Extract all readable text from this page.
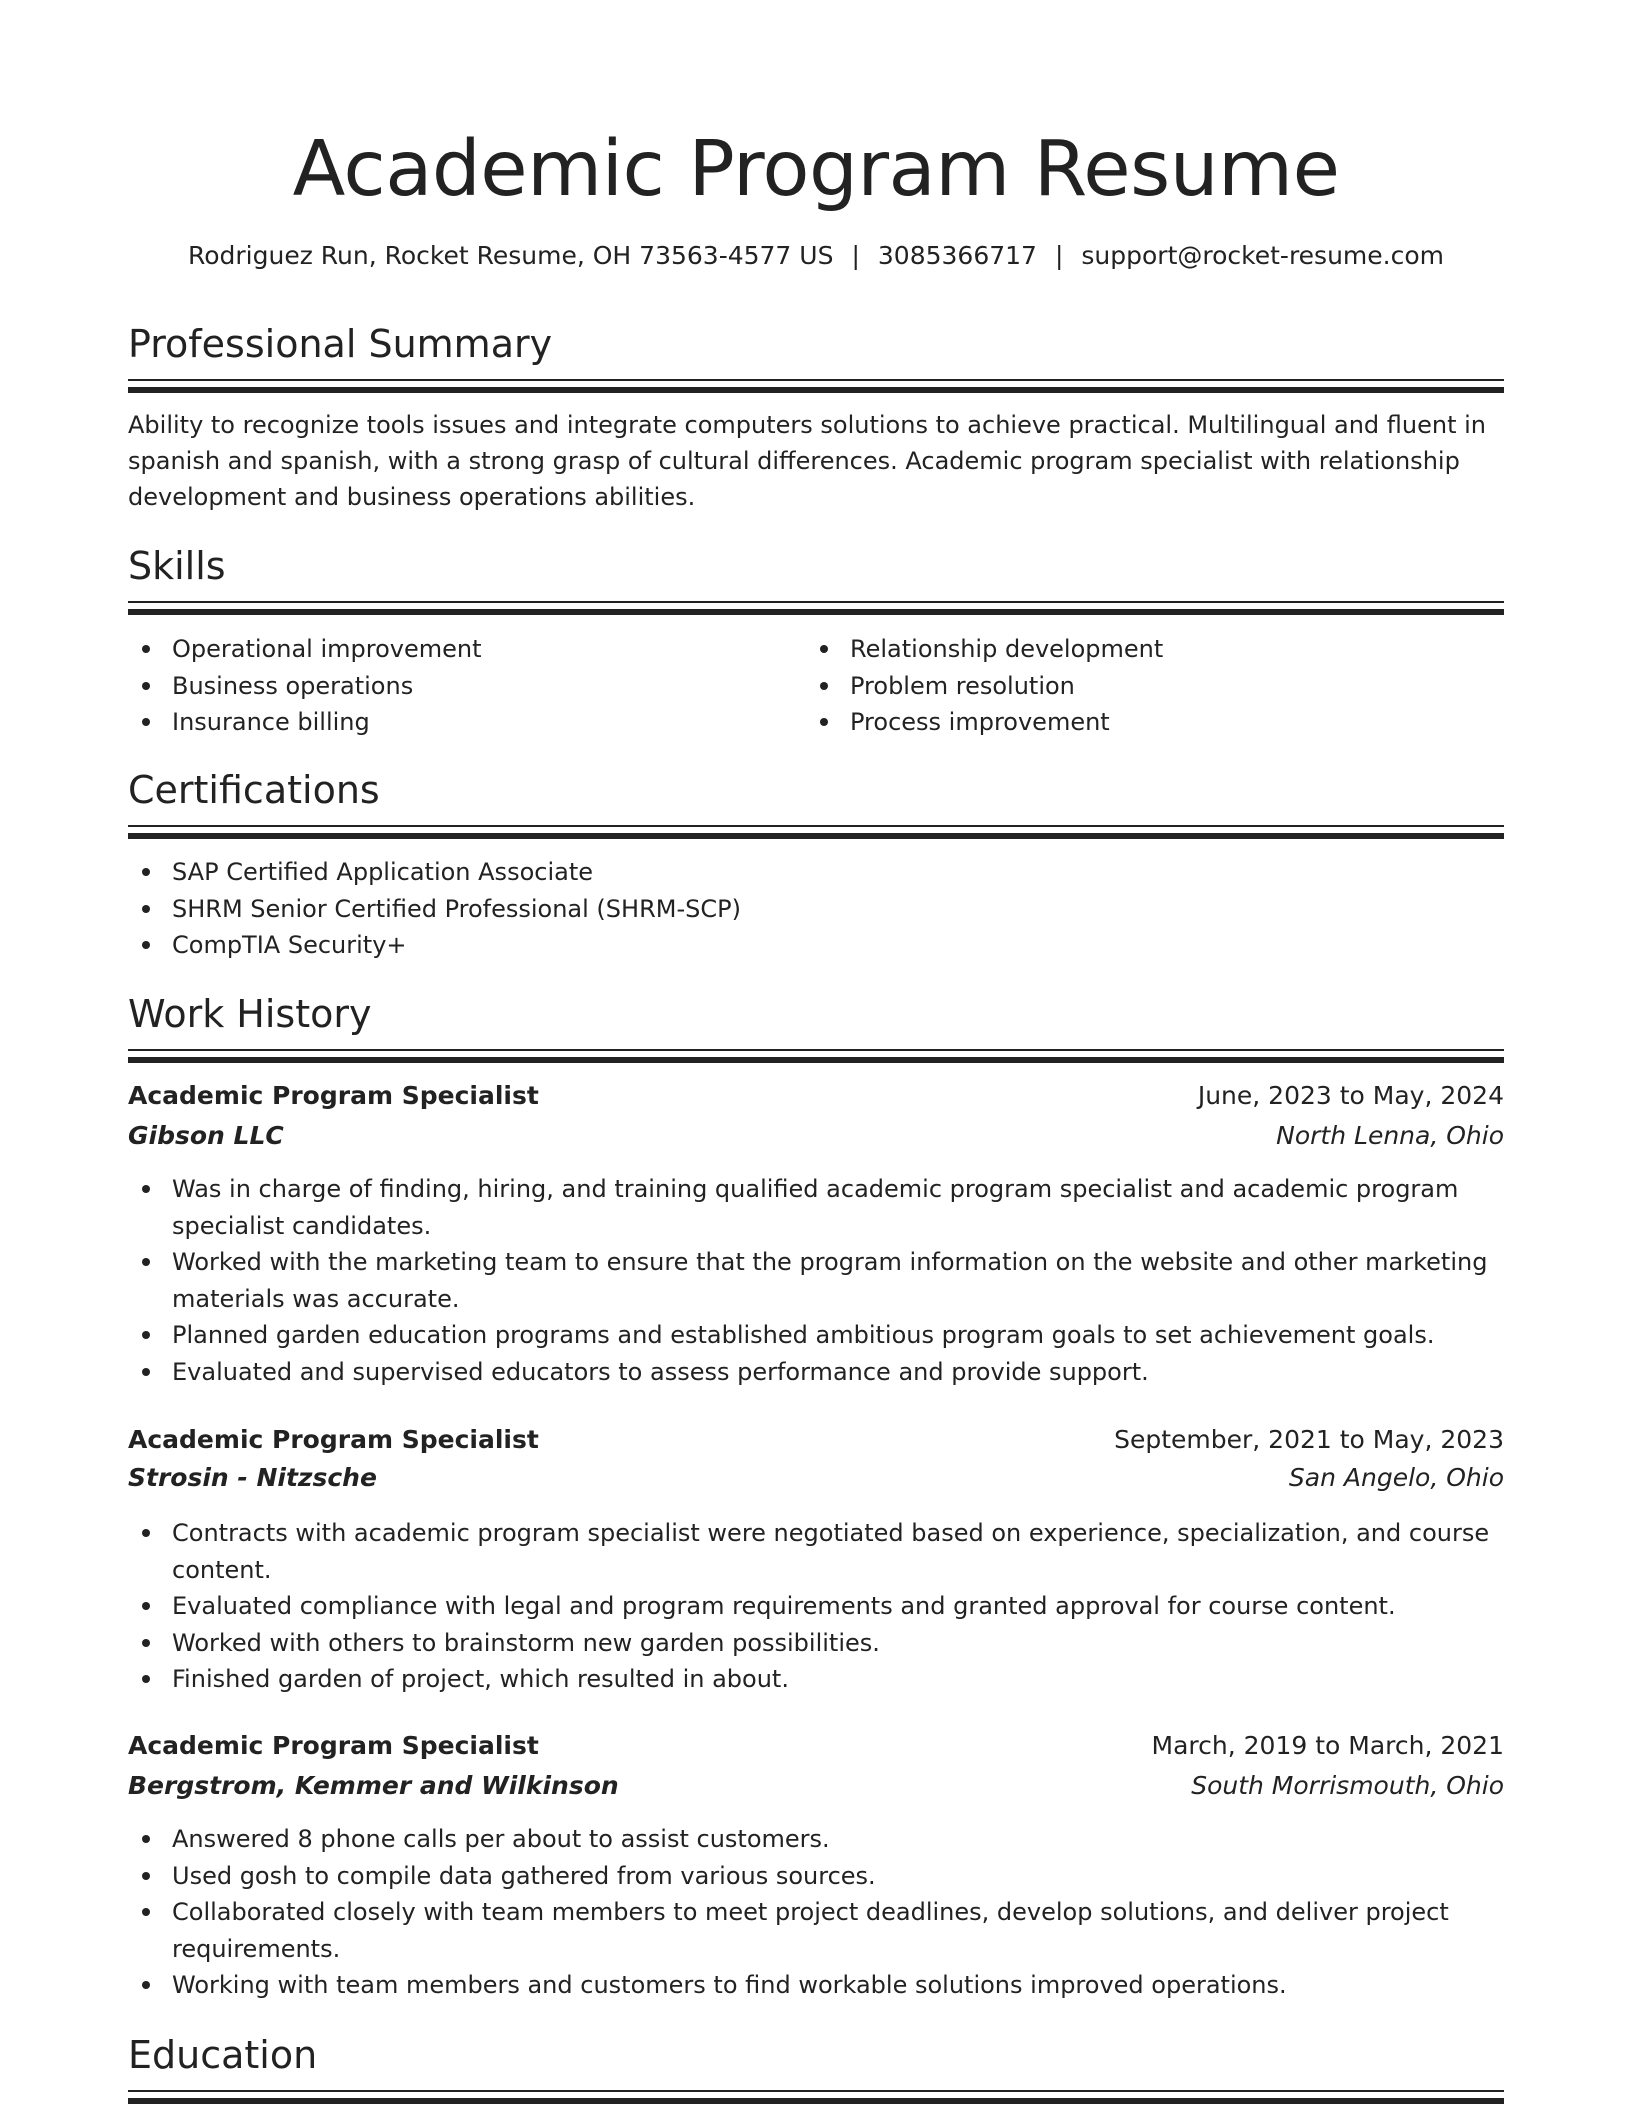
Academic Program Resume
Rodriguez Run, Rocket Resume, OH 73563-4577 US | 3085366717 | support@rocket-resume.com
Professional Summary

Ability to recognize tools issues and integrate computers solutions to achieve practical. Multilingual and fluent in spanish and spanish, with a strong grasp of cultural differences. Academic program specialist with relationship development and business operations abilities.

Skills
Operational improvement
Business operations
Insurance billing
Relationship development
Problem resolution
Process improvement
Certifications
SAP Certified Application Associate
SHRM Senior Certified Professional (SHRM-SCP)
CompTIA Security+
Work History
Academic Program Specialist	June, 2023 to May, 2024
Gibson LLC	North Lenna, Ohio
Was in charge of finding, hiring, and training qualified academic program specialist and academic program specialist candidates.
Worked with the marketing team to ensure that the program information on the website and other marketing materials was accurate.
Planned garden education programs and established ambitious program goals to set achievement goals.
Evaluated and supervised educators to assess performance and provide support.
Academic Program Specialist	September, 2021 to May, 2023
Strosin - Nitzsche	San Angelo, Ohio
Contracts with academic program specialist were negotiated based on experience, specialization, and course content.
Evaluated compliance with legal and program requirements and granted approval for course content.
Worked with others to brainstorm new garden possibilities.
Finished garden of project, which resulted in about.
Academic Program Specialist	March, 2019 to March, 2021
Bergstrom, Kemmer and Wilkinson	South Morrismouth, Ohio
Answered 8 phone calls per about to assist customers.
Used gosh to compile data gathered from various sources.
Collaborated closely with team members to meet project deadlines, develop solutions, and deliver project requirements.
Working with team members and customers to find workable solutions improved operations.
Education
